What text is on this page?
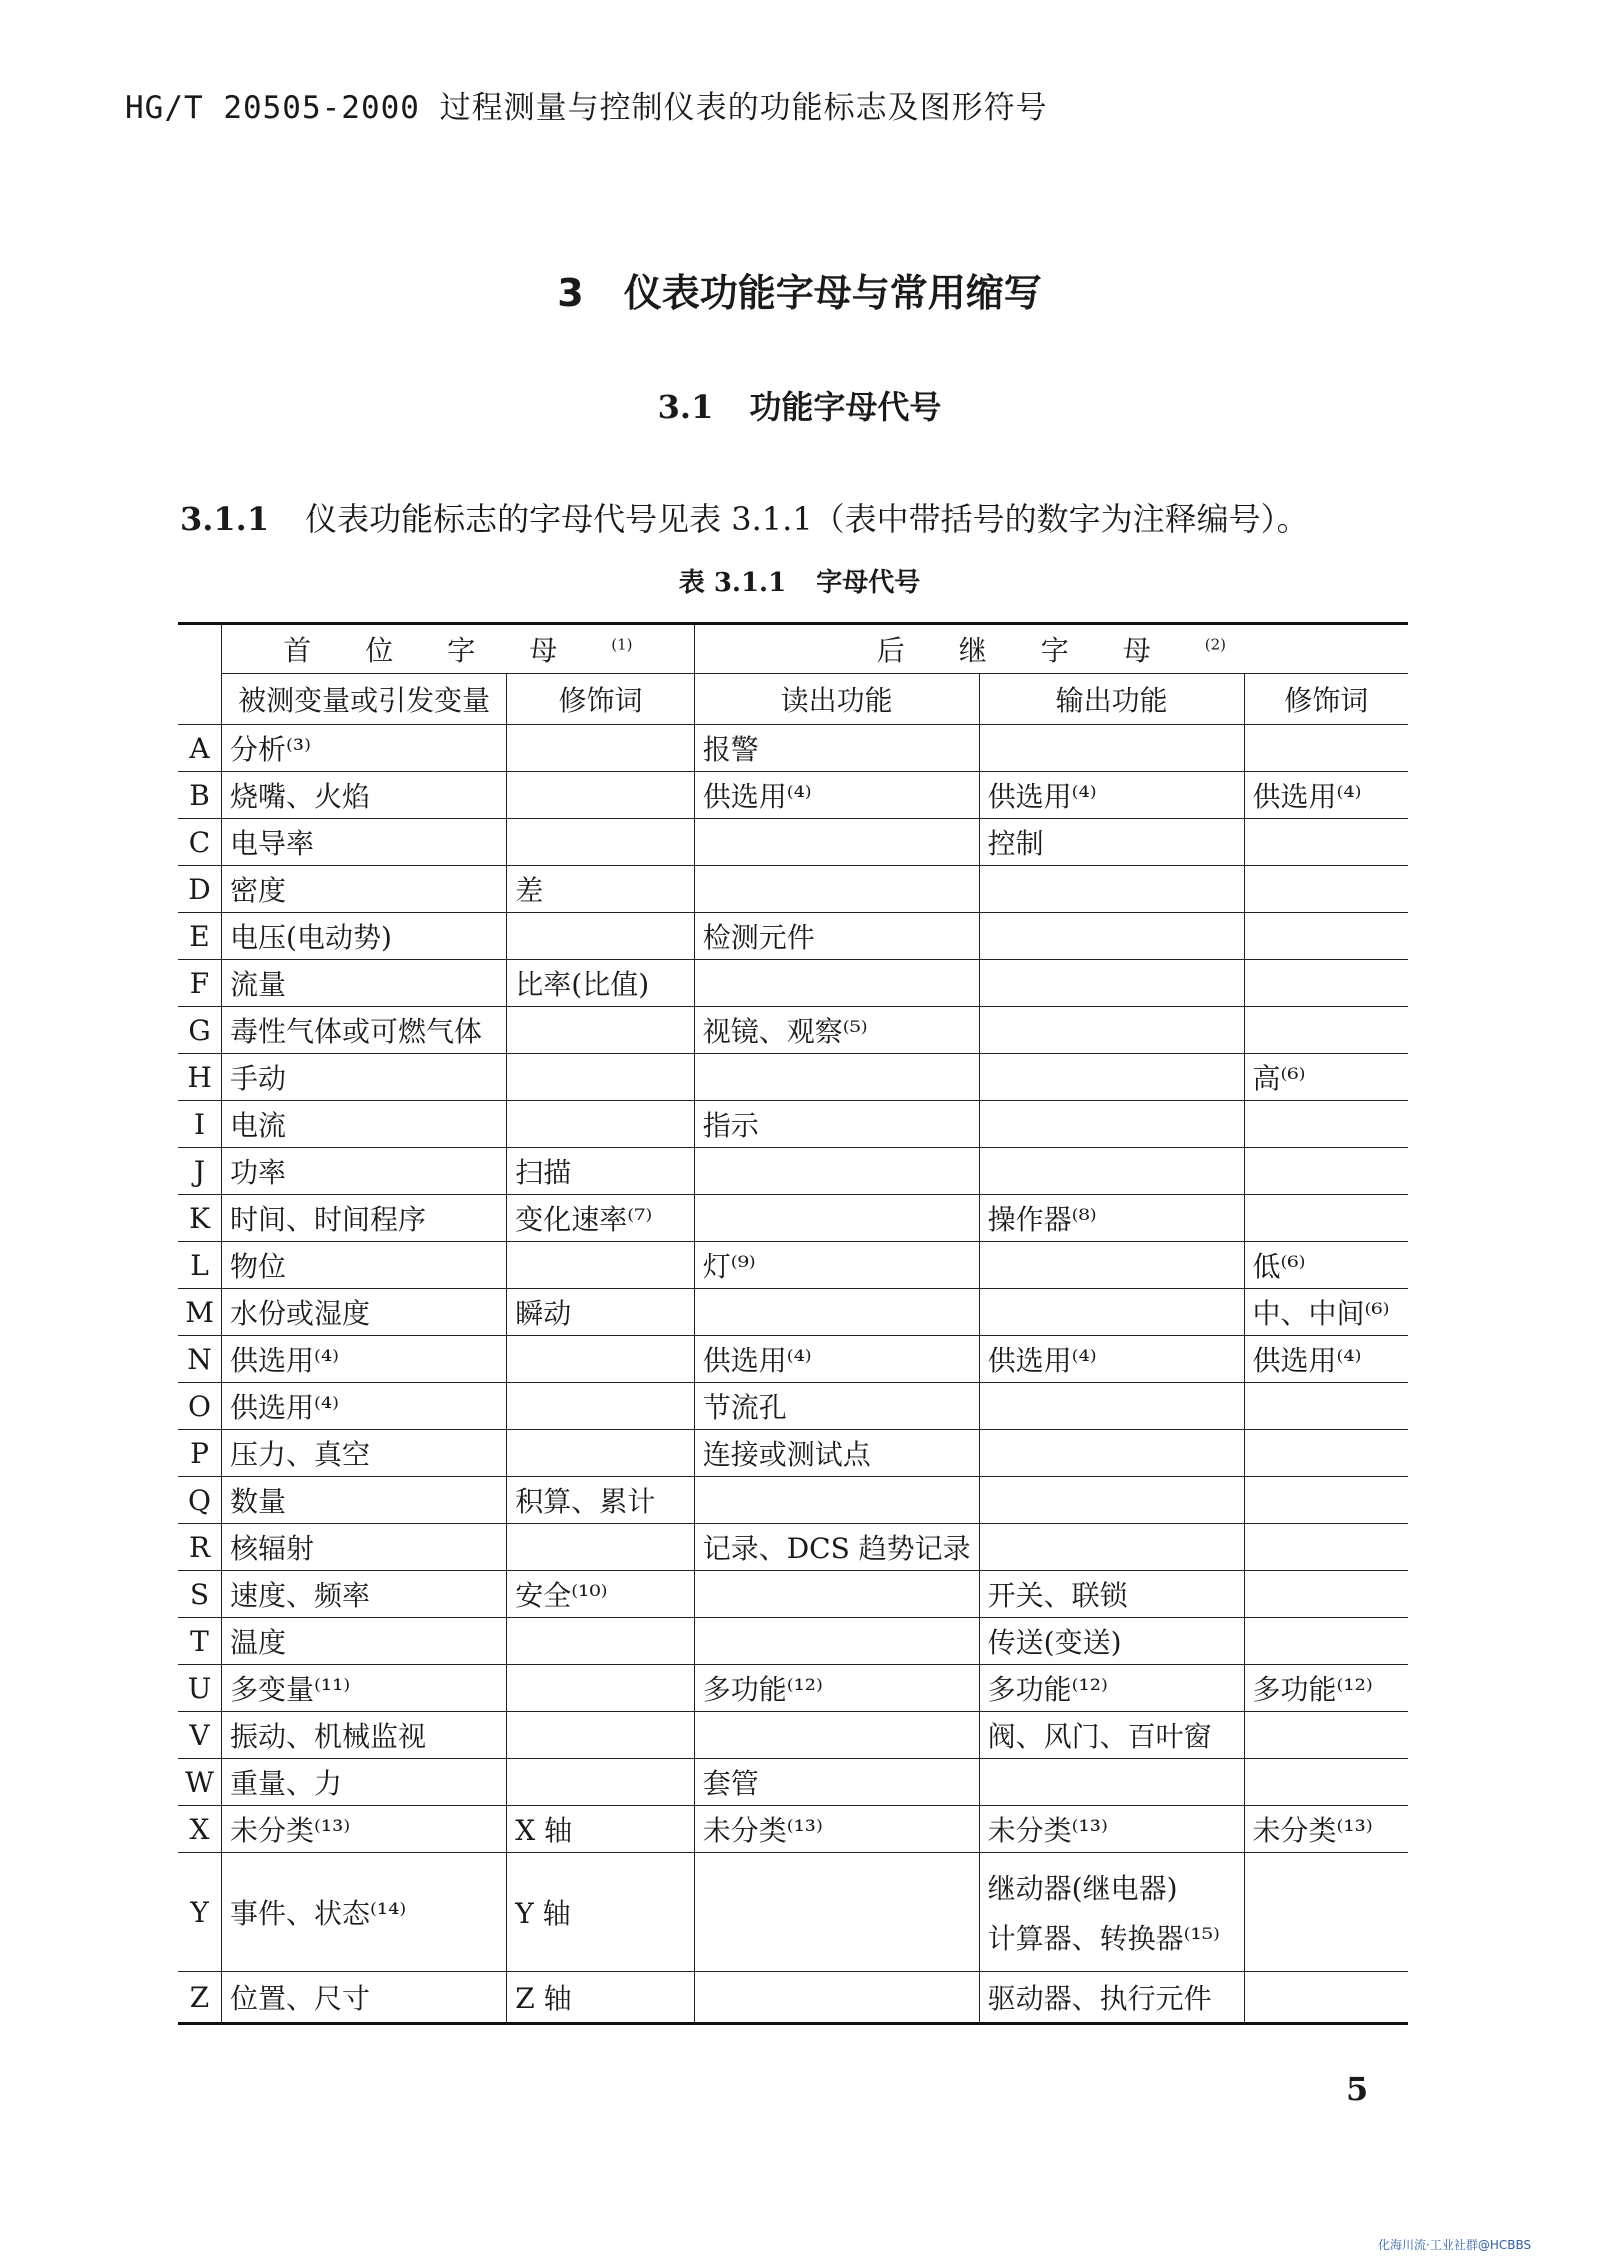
HG/T 20505-2000 过程测量与控制仪表的功能标志及图形符号
3 仪表功能字母与常用缩写
3.1 功能字母代号
3.1.1 仪表功能标志的字母代号见表 3.1.1（表中带括号的数字为注释编号）。
表 3.1.1 字母代号
	首位字母$^{(1)}$		后继字母$^{(2)}$
	被测变量或引发变量	修饰词	读出功能	输出功能	修饰词
A	分析⁽³⁾		报警		
B	烧嘴、火焰		供选用⁽⁴⁾	供选用⁽⁴⁾	供选用⁽⁴⁾
C	电导率			控制	
D	密度	差			
E	电压(电动势)		检测元件		
F	流量	比率(比值)			
G	毒性气体或可燃气体		视镜、观察⁽⁵⁾		
H	手动				高⁽⁶⁾
I	电流		指示		
J	功率	扫描			
K	时间、时间程序	变化速率⁽⁷⁾		操作器⁽⁸⁾	
L	物位		灯⁽⁹⁾		低⁽⁶⁾
M	水份或湿度	瞬动			中、中间⁽⁶⁾
N	供选用⁽⁴⁾		供选用⁽⁴⁾	供选用⁽⁴⁾	供选用⁽⁴⁾
O	供选用⁽⁴⁾		节流孔		
P	压力、真空		连接或测试点		
Q	数量	积算、累计			
R	核辐射		记录、DCS 趋势记录		
S	速度、频率	安全⁽¹⁰⁾		开关、联锁	
T	温度			传送(变送)	
U	多变量⁽¹¹⁾		多功能⁽¹²⁾	多功能⁽¹²⁾	多功能⁽¹²⁾
V	振动、机械监视			阀、风门、百叶窗	
W	重量、力		套管		
X	未分类⁽¹³⁾	X 轴	未分类⁽¹³⁾	未分类⁽¹³⁾	未分类⁽¹³⁾
Y	事件、状态⁽¹⁴⁾	Y 轴		继动器(继电器)
计算器、转换器⁽¹⁵⁾	

Z	位置、尺寸	Z 轴		驱动器、执行元件	
5
化海川流·工业社群@HCBBS
